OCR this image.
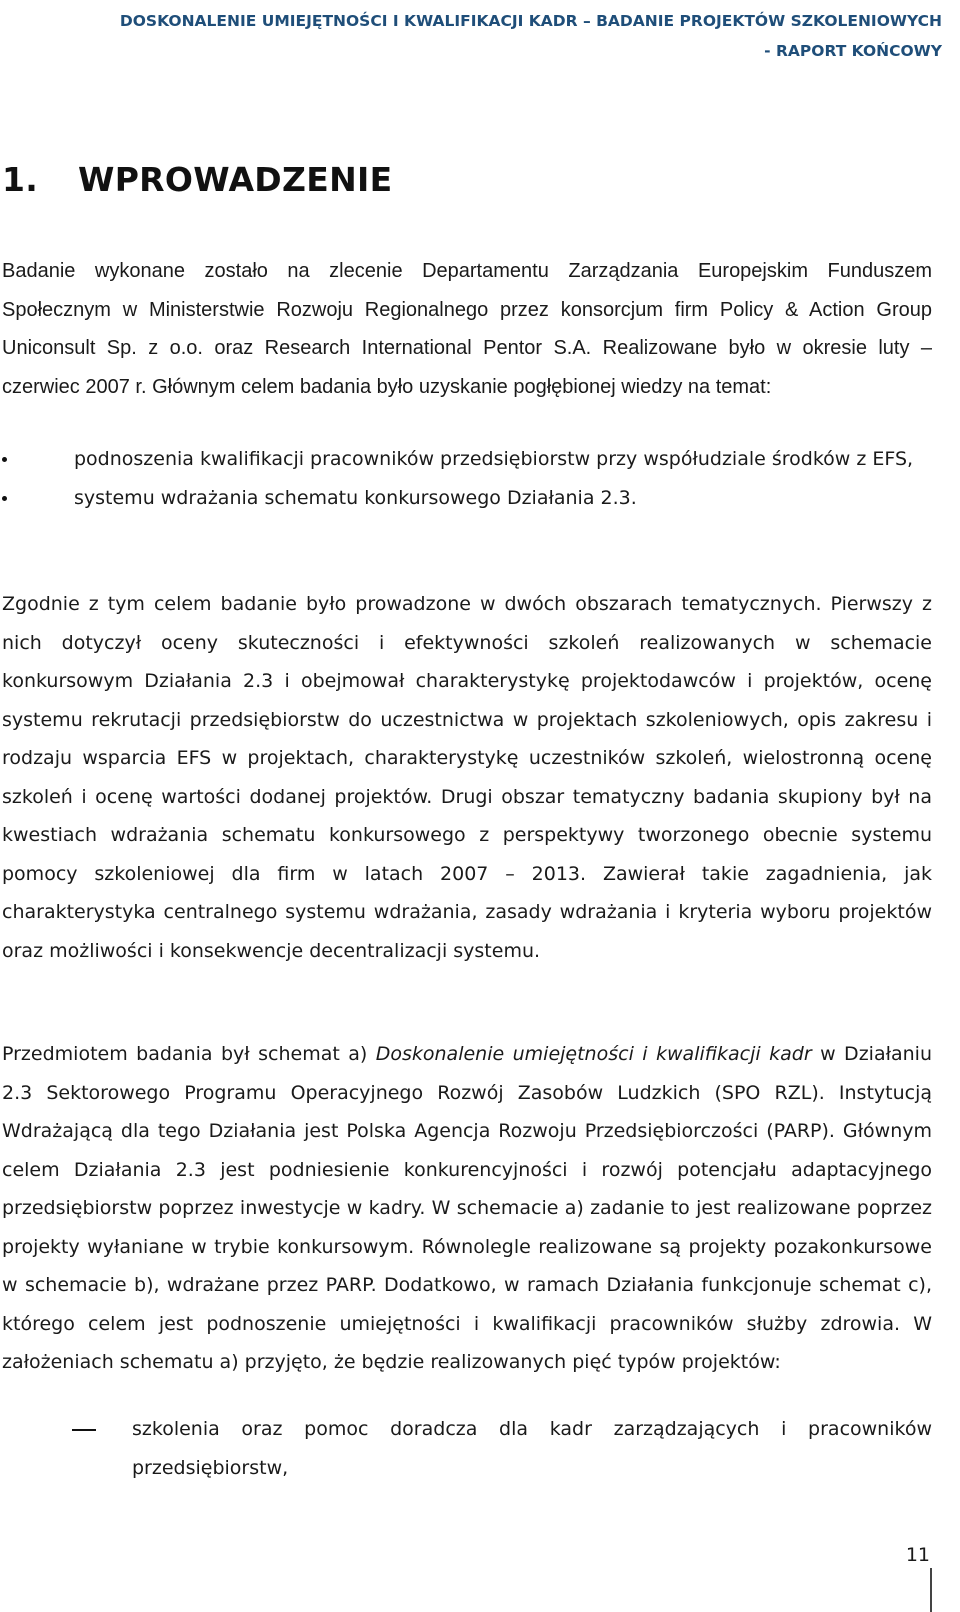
DOSKONALENIE UMIEJĘTNOŚCI I KWALIFIKACJI KADR – BADANIE PROJEKTÓW SZKOLENIOWYCH
- RAPORT KOŃCOWY
1. WPROWADZENIE

Badanie wykonane zostało na zlecenie Departamentu Zarządzania Europejskim Funduszem Społecznym w Ministerstwie Rozwoju Regionalnego przez konsorcjum firm Policy & Action Group Uniconsult Sp. z o.o. oraz Research International Pentor S.A. Realizowane było w okresie luty – czerwiec 2007 r. Głównym celem badania było uzyskanie pogłębionej wiedzy na temat:

podnoszenia kwalifikacji pracowników przedsiębiorstw przy współudziale środków z EFS,
systemu wdrażania schematu konkursowego Działania 2.3.

Zgodnie z tym celem badanie było prowadzone w dwóch obszarach tematycznych. Pierwszy z nich dotyczył oceny skuteczności i efektywności szkoleń realizowanych w schemacie konkursowym Działania 2.3 i obejmował charakterystykę projektodawców i projektów, ocenę systemu rekrutacji przedsiębiorstw do uczestnictwa w projektach szkoleniowych, opis zakresu i rodzaju wsparcia EFS w projektach, charakterystykę uczestników szkoleń, wielostronną ocenę szkoleń i ocenę wartości dodanej projektów. Drugi obszar tematyczny badania skupiony był na kwestiach wdrażania schematu konkursowego z perspektywy tworzonego obecnie systemu pomocy szkoleniowej dla firm w latach 2007 – 2013. Zawierał takie zagadnienia, jak charakterystyka centralnego systemu wdrażania, zasady wdrażania i kryteria wyboru projektów oraz możliwości i konsekwencje decentralizacji systemu.

Przedmiotem badania był schemat a) Doskonalenie umiejętności i kwalifikacji kadr w Działaniu 2.3 Sektorowego Programu Operacyjnego Rozwój Zasobów Ludzkich (SPO RZL). Instytucją Wdrażającą dla tego Działania jest Polska Agencja Rozwoju Przedsiębiorczości (PARP). Głównym celem Działania 2.3 jest podniesienie konkurencyjności i rozwój potencjału adaptacyjnego przedsiębiorstw poprzez inwestycje w kadry. W schemacie a) zadanie to jest realizowane poprzez projekty wyłaniane w trybie konkursowym. Równolegle realizowane są projekty pozakonkursowe w schemacie b), wdrażane przez PARP. Dodatkowo, w ramach Działania funkcjonuje schemat c), którego celem jest podnoszenie umiejętności i kwalifikacji pracowników służby zdrowia. W założeniach schematu a) przyjęto, że będzie realizowanych pięć typów projektów:

szkolenia oraz pomoc doradcza dla kadr zarządzających i pracowników przedsiębiorstw,
11
